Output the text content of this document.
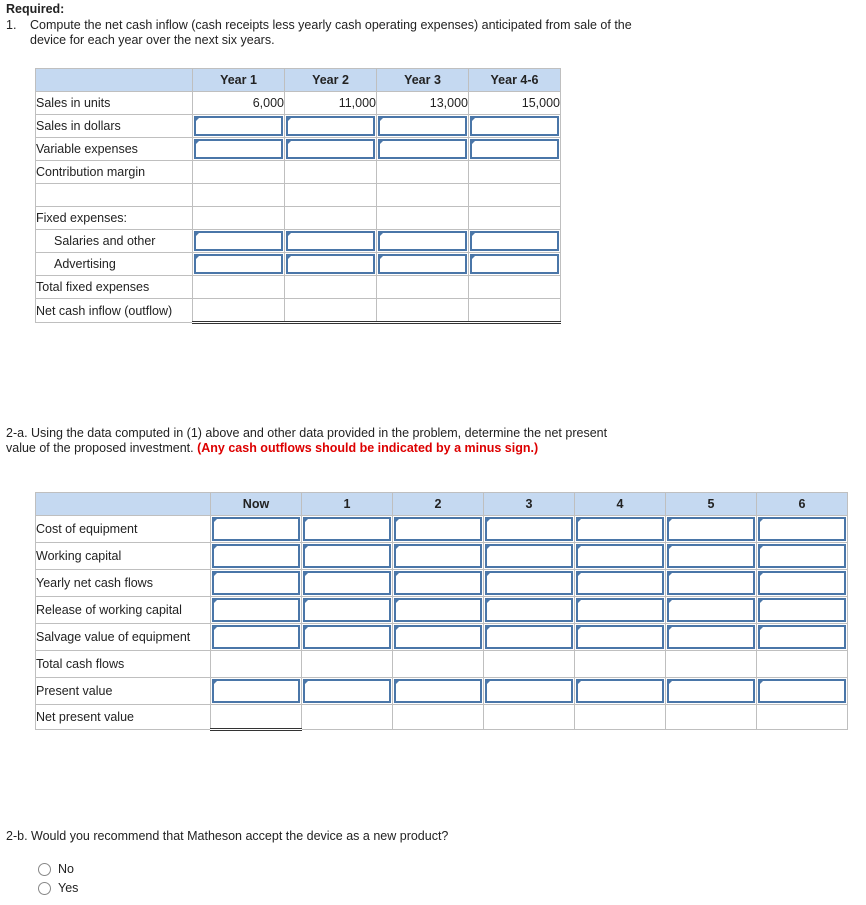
Required:
1. Compute the net cash inflow (cash receipts less yearly cash operating expenses) anticipated from sale of the device for each year over the next six years.
	Year 1	Year 2	Year 3	Year 4-6
Sales in units	6,000	11,000	13,000	15,000
Sales in dollars	

Variable expenses	

Contribution margin				

Fixed expenses:				
Salaries and other	

Advertising	

Total fixed expenses				
Net cash inflow (outflow)				
2-a. Using the data computed in (1) above and other data provided in the problem, determine the net present value of the proposed investment. (Any cash outflows should be indicated by a minus sign.)
	Now	1	2	3	4	5	6
Cost of equipment	

Working capital	

Yearly net cash flows	

Release of working capital	

Salvage value of equipment	

Total cash flows							
Present value	

Net present value							
2-b. Would you recommend that Matheson accept the device as a new product?
No
Yes
